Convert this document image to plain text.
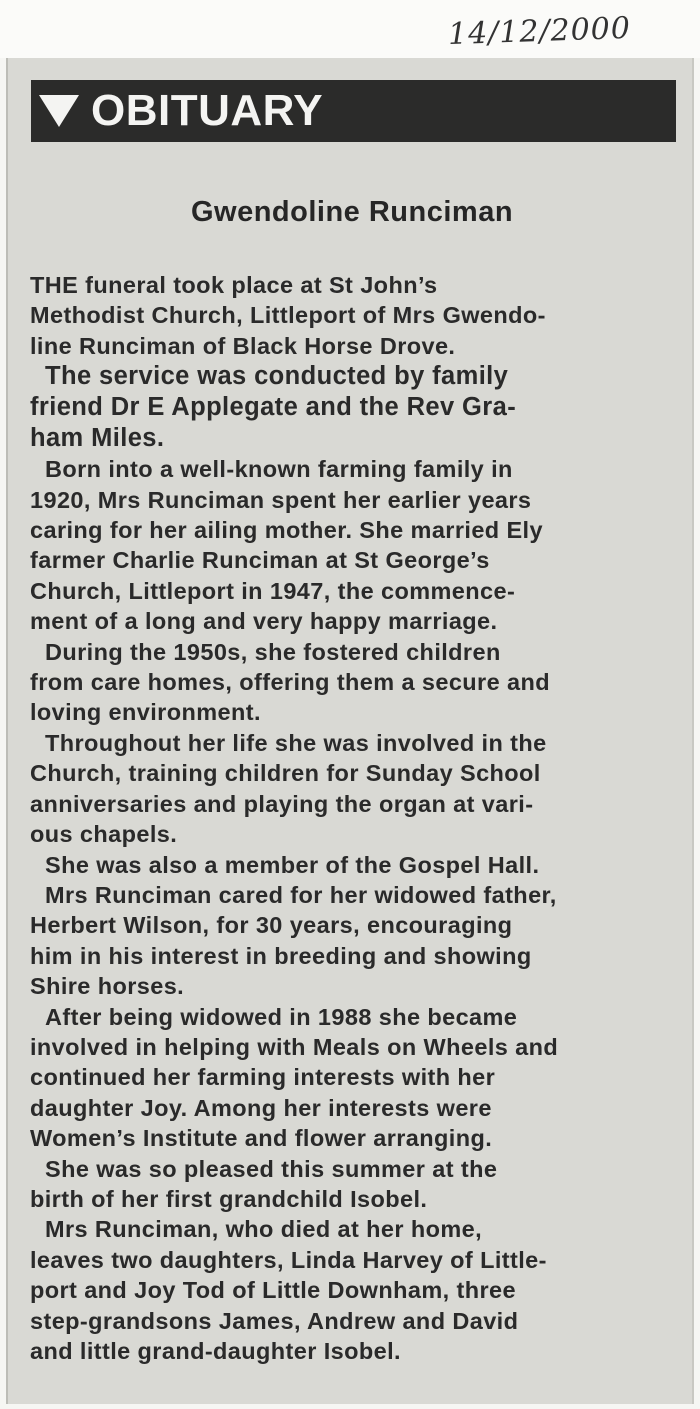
14/12/2000
OBITUARY
Gwendoline Runciman
THE funeral took place at St John’s
Methodist Church, Littleport of Mrs Gwendo-
line Runciman of Black Horse Drove.
The service was conducted by family
friend Dr E Applegate and the Rev Gra-
ham Miles.
Born into a well-known farming family in
1920, Mrs Runciman spent her earlier years
caring for her ailing mother. She married Ely
farmer Charlie Runciman at St George’s
Church, Littleport in 1947, the commence-
ment of a long and very happy marriage.
During the 1950s, she fostered children
from care homes, offering them a secure and
loving environment.
Throughout her life she was involved in the
Church, training children for Sunday School
anniversaries and playing the organ at vari-
ous chapels.
She was also a member of the Gospel Hall.
Mrs Runciman cared for her widowed father,
Herbert Wilson, for 30 years, encouraging
him in his interest in breeding and showing
Shire horses.
After being widowed in 1988 she became
involved in helping with Meals on Wheels and
continued her farming interests with her
daughter Joy. Among her interests were
Women’s Institute and flower arranging.
She was so pleased this summer at the
birth of her first grandchild Isobel.
Mrs Runciman, who died at her home,
leaves two daughters, Linda Harvey of Little-
port and Joy Tod of Little Downham, three
step-grandsons James, Andrew and David
and little grand-daughter Isobel.
